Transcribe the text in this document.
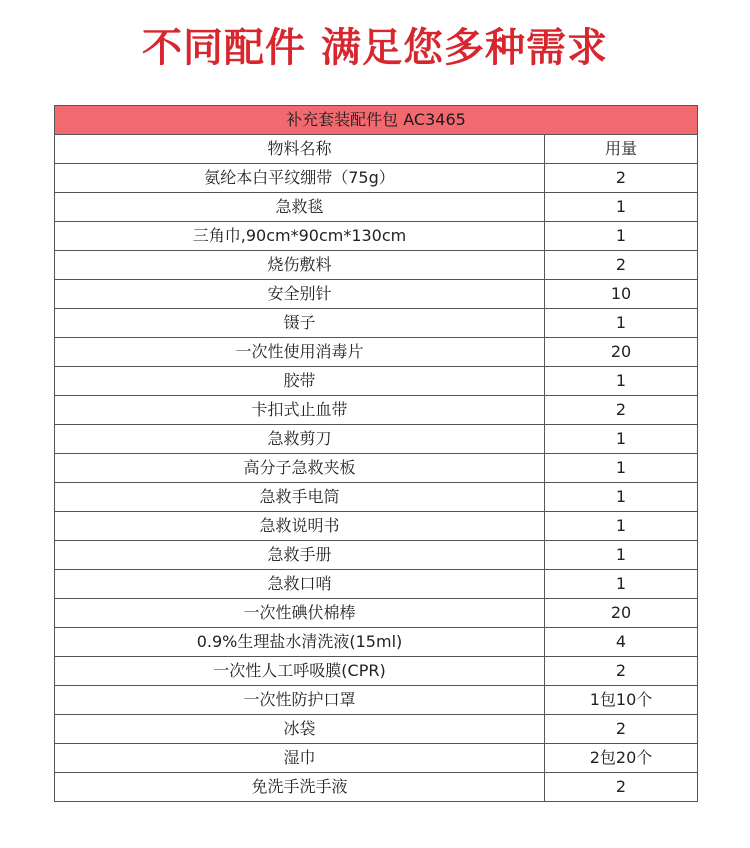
不同配件 满足您多种需求
补充套装配件包 AC3465	
物料名称	用量
氨纶本白平纹绷带（75g）	2
急救毯	1
三角巾,90cm*90cm*130cm	1
烧伤敷料	2
安全别针	10
镊子	1
一次性使用消毒片	20
胶带	1
卡扣式止血带	2
急救剪刀	1
高分子急救夹板	1
急救手电筒	1
急救说明书	1
急救手册	1
急救口哨	1
一次性碘伏棉棒	20
0.9%生理盐水清洗液(15ml)	4
一次性人工呼吸膜(CPR)	2
一次性防护口罩	1包10个
冰袋	2
湿巾	2包20个
免洗手洗手液	2
